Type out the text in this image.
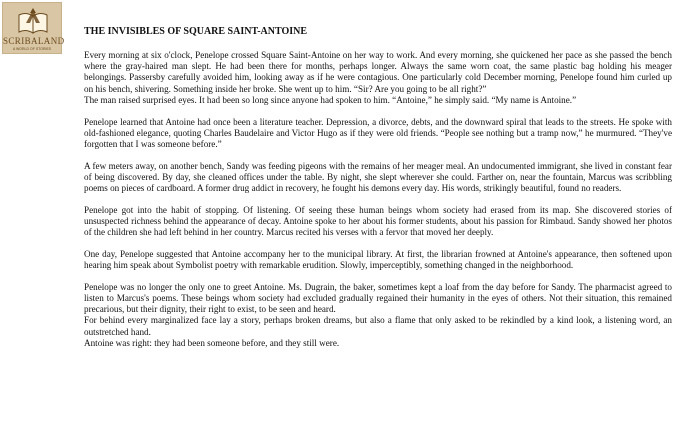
SCRIBALAND
A WORLD OF STORIES
THE INVISIBLES OF SQUARE SAINT-ANTOINE

Every morning at six o'clock, Penelope crossed Square Saint-Antoine on her way to work. And every morning, she quickened her pace as she passed the bench where the gray-haired man slept. He had been there for months, perhaps longer. Always the same worn coat, the same plastic bag holding his meager belongings. Passersby carefully avoided him, looking away as if he were contagious. One particularly cold December morning, Penelope found him curled up on his bench, shivering. Something inside her broke. She went up to him. “Sir? Are you going to be all right?”
The man raised surprised eyes. It had been so long since anyone had spoken to him. “Antoine,” he simply said. “My name is Antoine.”

Penelope learned that Antoine had once been a literature teacher. Depression, a divorce, debts, and the downward spiral that leads to the streets. He spoke with old-fashioned elegance, quoting Charles Baudelaire and Victor Hugo as if they were old friends. “People see nothing but a tramp now,” he murmured. “They've forgotten that I was someone before.”

A few meters away, on another bench, Sandy was feeding pigeons with the remains of her meager meal. An undocumented immigrant, she lived in constant fear of being discovered. By day, she cleaned offices under the table. By night, she slept wherever she could. Farther on, near the fountain, Marcus was scribbling poems on pieces of cardboard. A former drug addict in recovery, he fought his demons every day. His words, strikingly beautiful, found no readers.

Penelope got into the habit of stopping. Of listening. Of seeing these human beings whom society had erased from its map. She discovered stories of unsuspected richness behind the appearance of decay. Antoine spoke to her about his former students, about his passion for Rimbaud. Sandy showed her photos of the children she had left behind in her country. Marcus recited his verses with a fervor that moved her deeply.

One day, Penelope suggested that Antoine accompany her to the municipal library. At first, the librarian frowned at Antoine's appearance, then softened upon hearing him speak about Symbolist poetry with remarkable erudition. Slowly, imperceptibly, something changed in the neighborhood.

Penelope was no longer the only one to greet Antoine. Ms. Dugrain, the baker, sometimes kept a loaf from the day before for Sandy. The pharmacist agreed to listen to Marcus's poems. These beings whom society had excluded gradually regained their humanity in the eyes of others. Not their situation, this remained precarious, but their dignity, their right to exist, to be seen and heard.
For behind every marginalized face lay a story, perhaps broken dreams, but also a flame that only asked to be rekindled by a kind look, a listening word, an outstretched hand.
Antoine was right: they had been someone before, and they still were.
